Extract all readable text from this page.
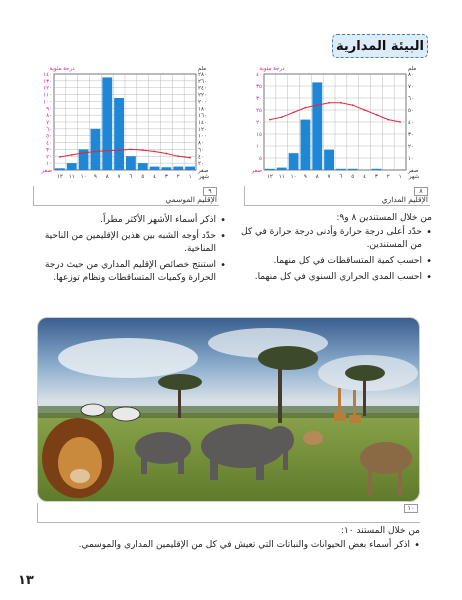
البيئة المدارية
٤٠
٣٥
٣٠
٢٥
٢٠
١٥
١٠
٥
صفر
٨٠
٧٠
٦٠
٥٠
٤٠
٣٠
٢٠
١٠
صفر
١
٢
٣
٤
٥
٦
٧
٨
٩
١٠
١١
١٢
درجة مئوية	ملم
شهر
٨
الإقليم المداري
١٤٠
١٣٠
١٢٠
١١٠
١٠٠
٩٠
٨٠
٧٠
٦٠
٥٠
٤٠
٣٠
٢٠
١٠
صفر
٢٨٠
٢٦٠
٢٤٠
٢٢٠
٢٠٠
١٨٠
١٦٠
١٤٠
١٢٠
١٠٠
٨٠
٦٠
٤٠
٢٠
صفر
١
٢
٣
٤
٥
٦
٧
٨
٩
١٠
١١
١٢
درجة مئوية	ملم
شهر
٩
الإقليم الموسمي

من خلال المستندين ٨ و٩:

• حدّد أعلى درجة حرارة وأدنى درجة حرارة في كل من المستندين.
• احسب كمية المتساقطات في كل منهما.
• احسب المدى الحراري السنوي في كل منهما.
• اذكر أسماء الأشهر الأكثر مطراً.
• حدّد أوجه الشبه بين هذين الإقليمين من الناحية المناخية.
• استنتج خصائص الإقليم المداري من حيث درجة الحرارة وكميات المتساقطات ونظام توزعها.
١٠

من خلال المستند ١٠:

• اذكر أسماء بعض الحيوانات والنباتات التي تعيش في كل من الإقليمين المداري والموسمي.
١٣
